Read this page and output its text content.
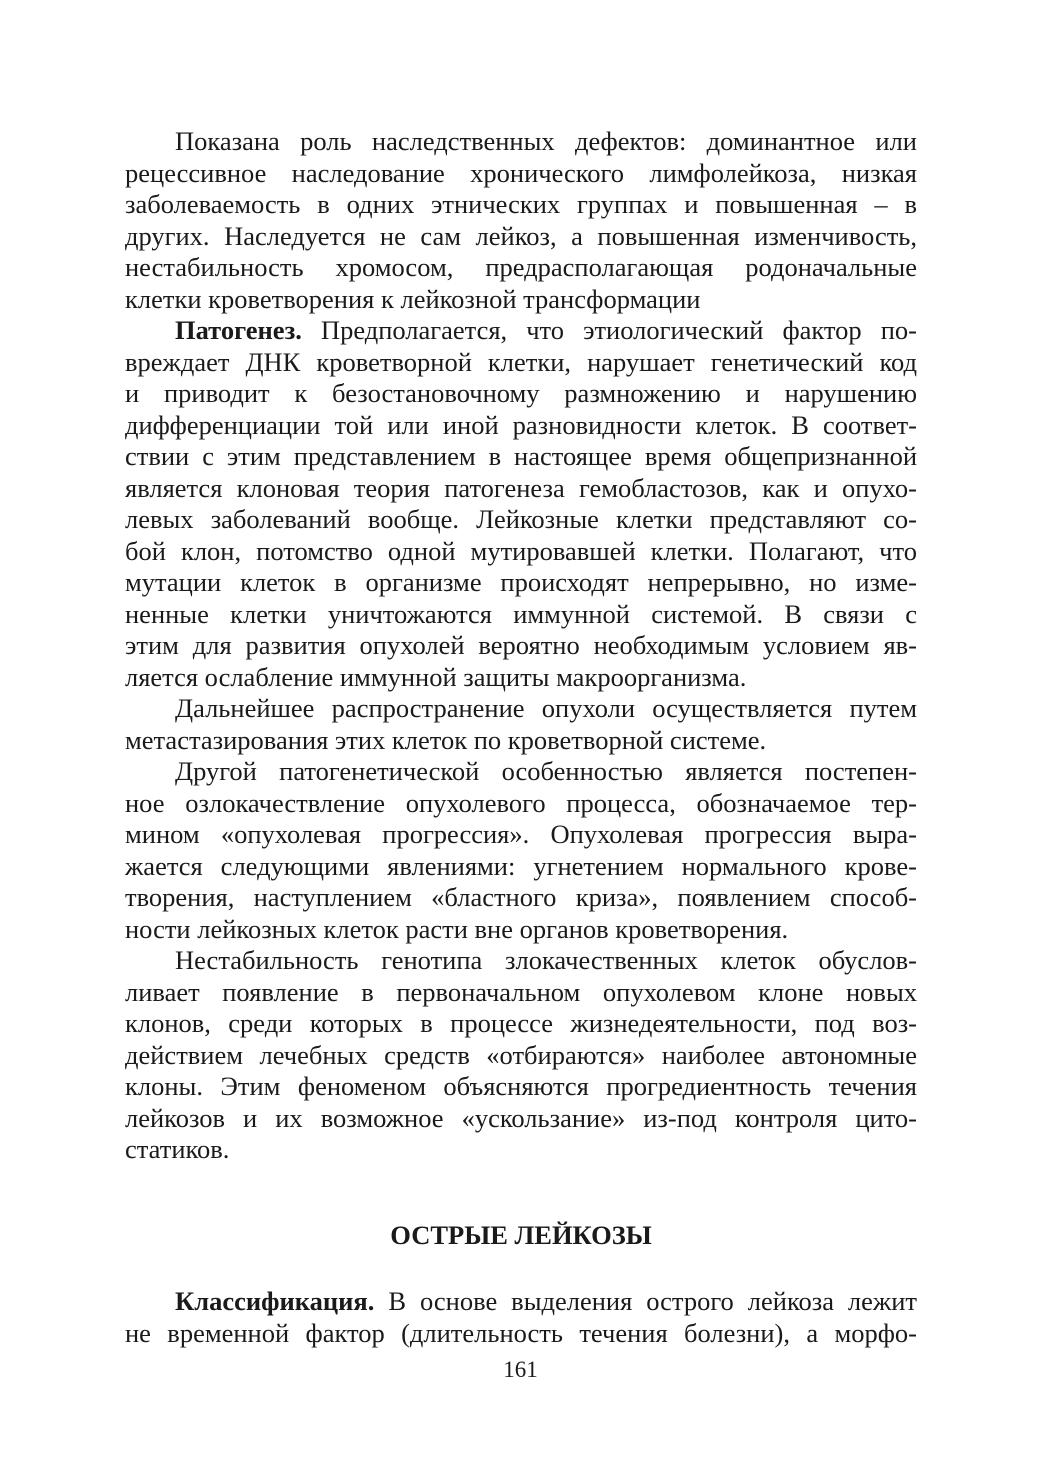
Показана роль наследственных дефектов: доминантное или
рецессивное наследование хронического лимфолейкоза, низкая
заболеваемость в одних этнических группах и повышенная – в
других. Наследуется не сам лейкоз, а повышенная изменчивость,
нестабильность хромосом, предрасполагающая родоначальные
клетки кроветворения к лейкозной трансформации
Патогенез. Предполагается, что этиологический фактор по-
вреждает ДНК кроветворной клетки, нарушает генетический код
и приводит к безостановочному размножению и нарушению
дифференциации той или иной разновидности клеток. В соответ-
ствии с этим представлением в настоящее время общепризнанной
является клоновая теория патогенеза гемобластозов, как и опухо-
левых заболеваний вообще. Лейкозные клетки представляют со-
бой клон, потомство одной мутировавшей клетки. Полагают, что
мутации клеток в организме происходят непрерывно, но изме-
ненные клетки уничтожаются иммунной системой. В связи с
этим для развития опухолей вероятно необходимым условием яв-
ляется ослабление иммунной защиты макроорганизма.
Дальнейшее распространение опухоли осуществляется путем
метастазирования этих клеток по кроветворной системе.
Другой патогенетической особенностью является постепен-
ное озлокачествление опухолевого процесса, обозначаемое тер-
мином «опухолевая прогрессия». Опухолевая прогрессия выра-
жается следующими явлениями: угнетением нормального крове-
творения, наступлением «бластного криза», появлением способ-
ности лейкозных клеток расти вне органов кроветворения.
Нестабильность генотипа злокачественных клеток обуслов-
ливает появление в первоначальном опухолевом клоне новых
клонов, среди которых в процессе жизнедеятельности, под воз-
действием лечебных средств «отбираются» наиболее автономные
клоны. Этим феноменом объясняются прогредиентность течения
лейкозов и их возможное «ускользание» из-под контроля цито-
статиков.
ОСТРЫЕ ЛЕЙКОЗЫ
Классификация. В основе выделения острого лейкоза лежит
не временной фактор (длительность течения болезни), а морфо-
161
